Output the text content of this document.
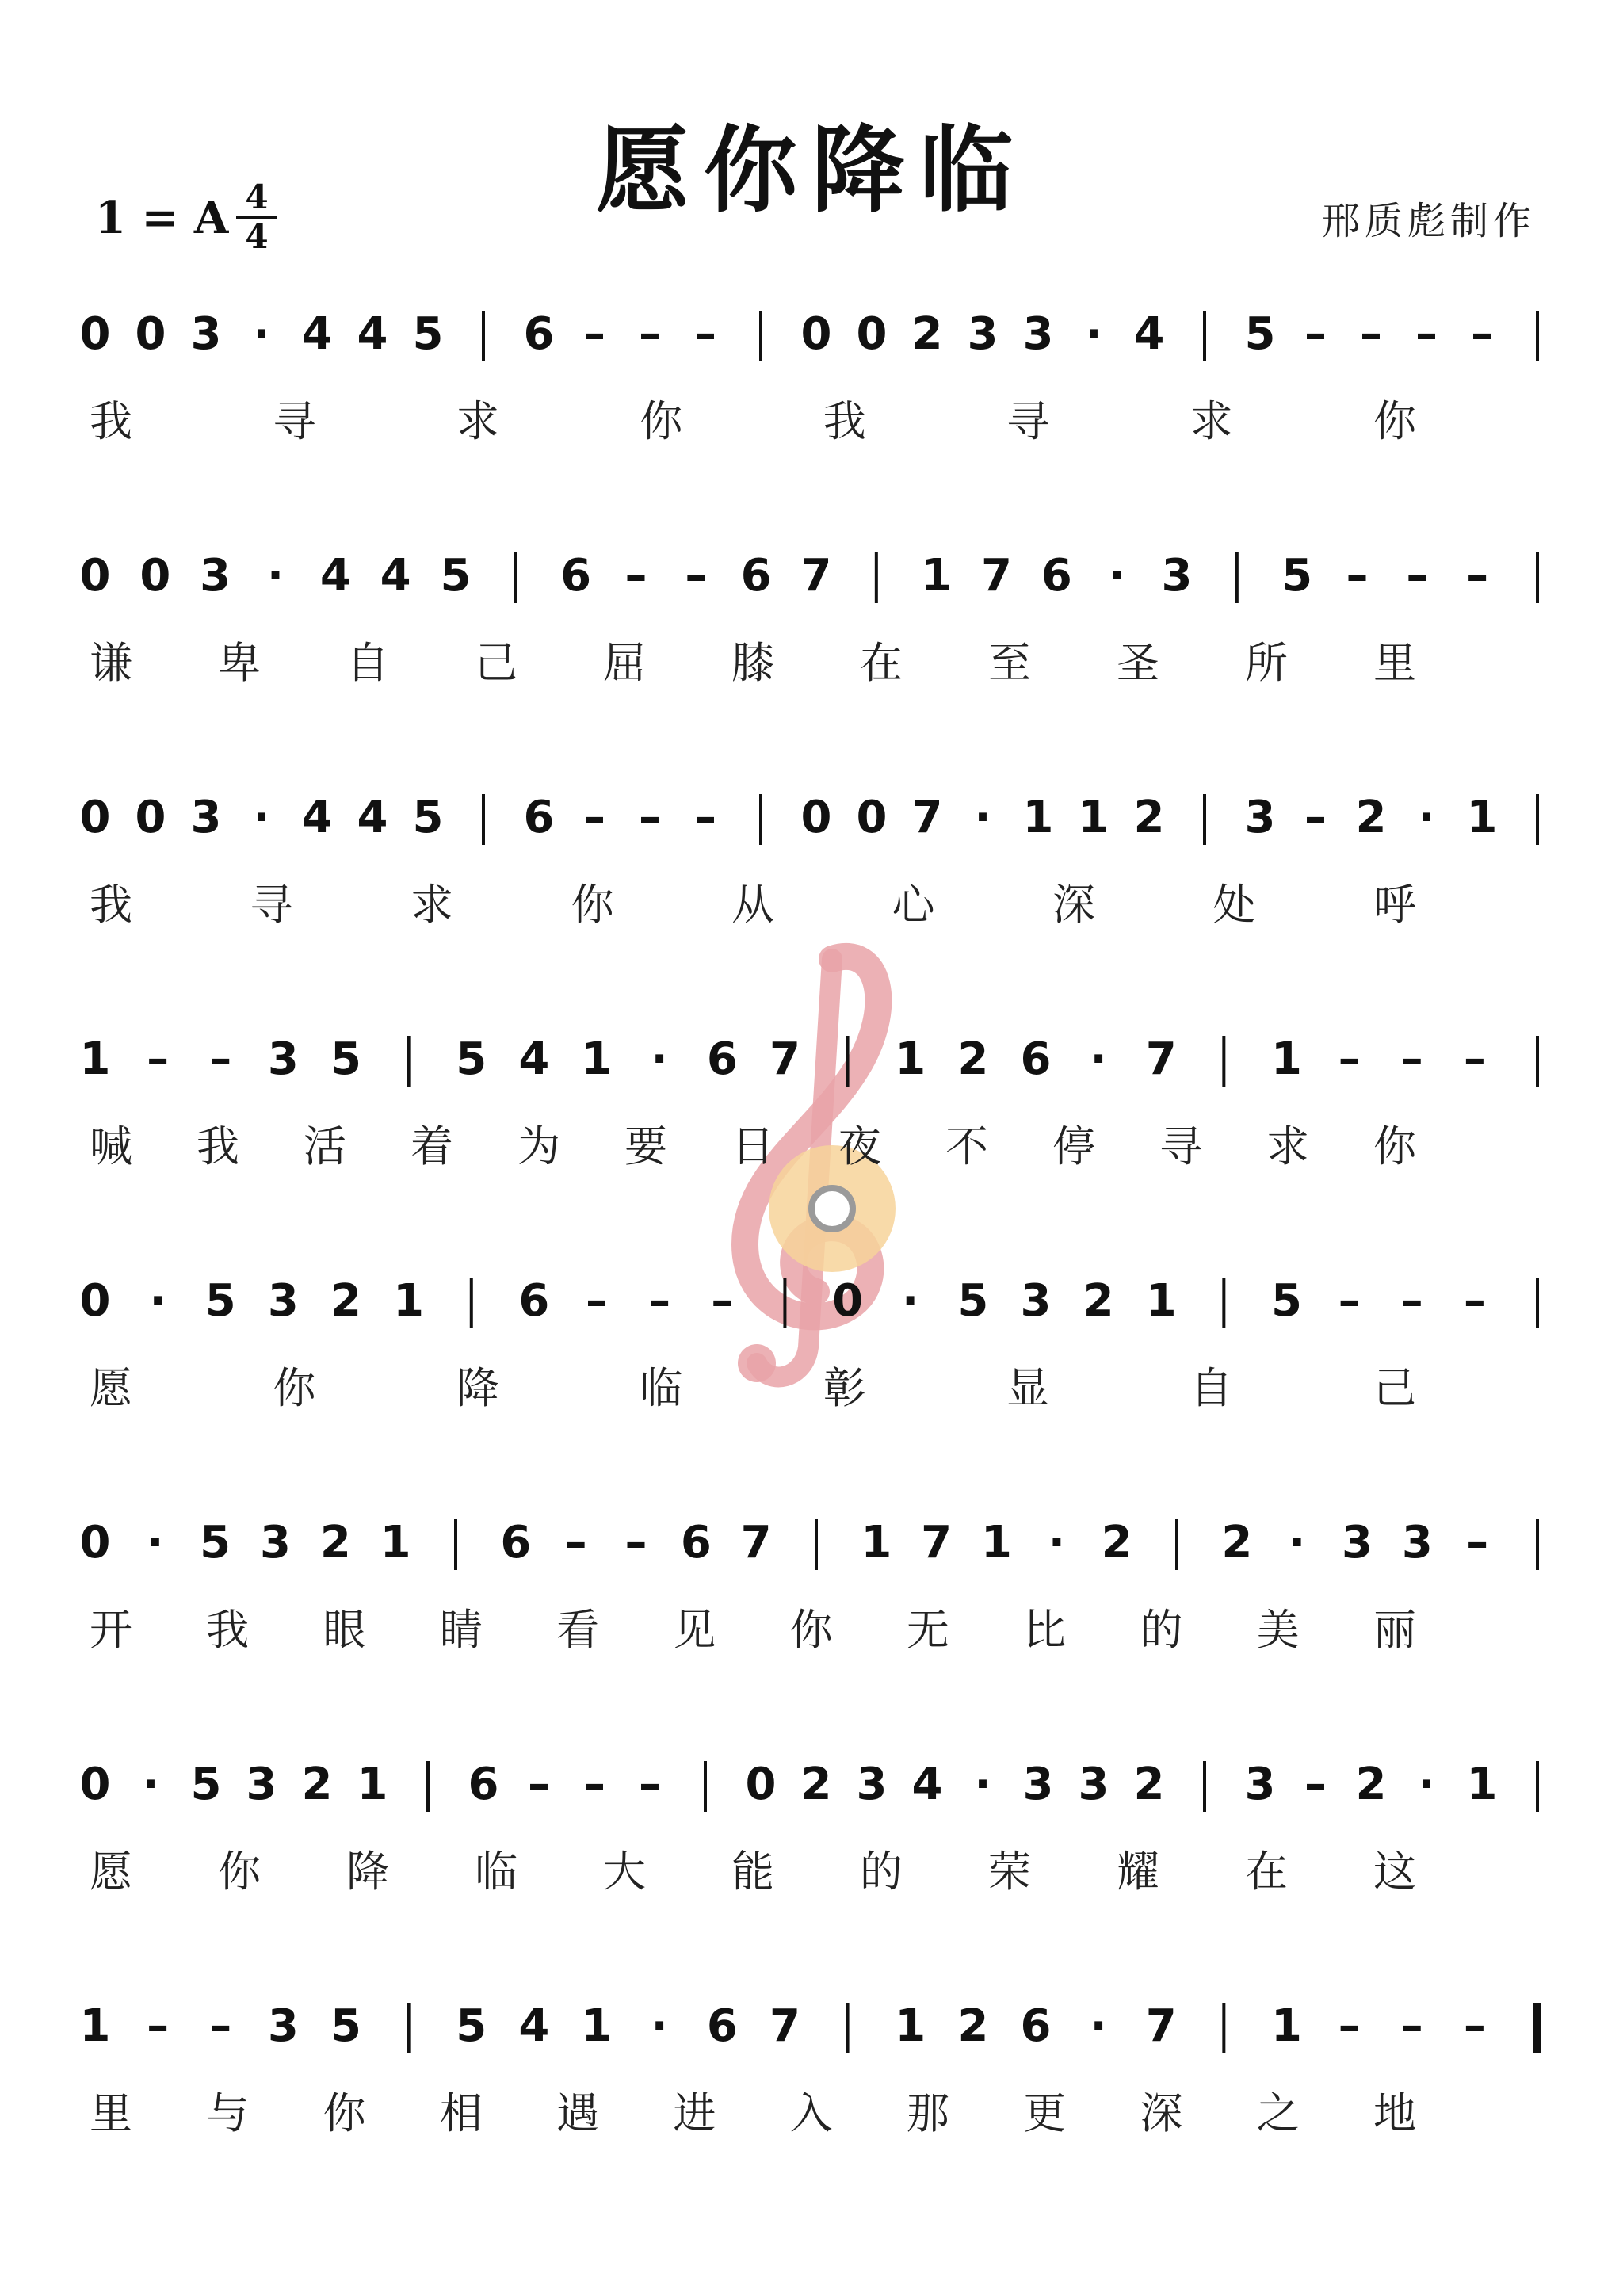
愿你降临
1 = A 4
4	邢质彪制作
0 0 3 · 4 4 5 6 – – – 0 0 2 3 3 · 4 5 – – – –
我	寻	求	你	我	寻	求	你
0 0 3 · 4 4 5 6 – – 6 7 1 7 6 · 3 5 – – –
谦 卑 自 己 屈 膝 在 至 圣 所 里
0 0 3 · 4 4 5 6 – – – 0 0 7 · 1 1 2 3 – 2 · 1
我	寻	求	你	从	心	深	处	呼
1 – – 3 5 5 4 1 · 6 7 1 2 6 · 7 1 – – –
喊 我 活 着 为 要 日 夜 不 停 寻 求 你
0 · 5 3 2 1 6 – – – 0 · 5 3 2 1 5 – – –
愿	你	降	临	彰	显	自	己
0 · 5 3 2 1 6 – – 6 7 1 7 1 · 2 2 · 3 3 –
开 我 眼 睛 看 见 你 无 比 的 美 丽
0 · 5 3 2 1 6 – – – 0 2 3 4 · 3 3 2 3 – 2 · 1
愿 你 降 临 大 能 的 荣 耀 在 这
1 – – 3 5 5 4 1 · 6 7 1 2 6 · 7 1 – – –
里 与 你 相 遇 进 入 那 更 深 之 地
